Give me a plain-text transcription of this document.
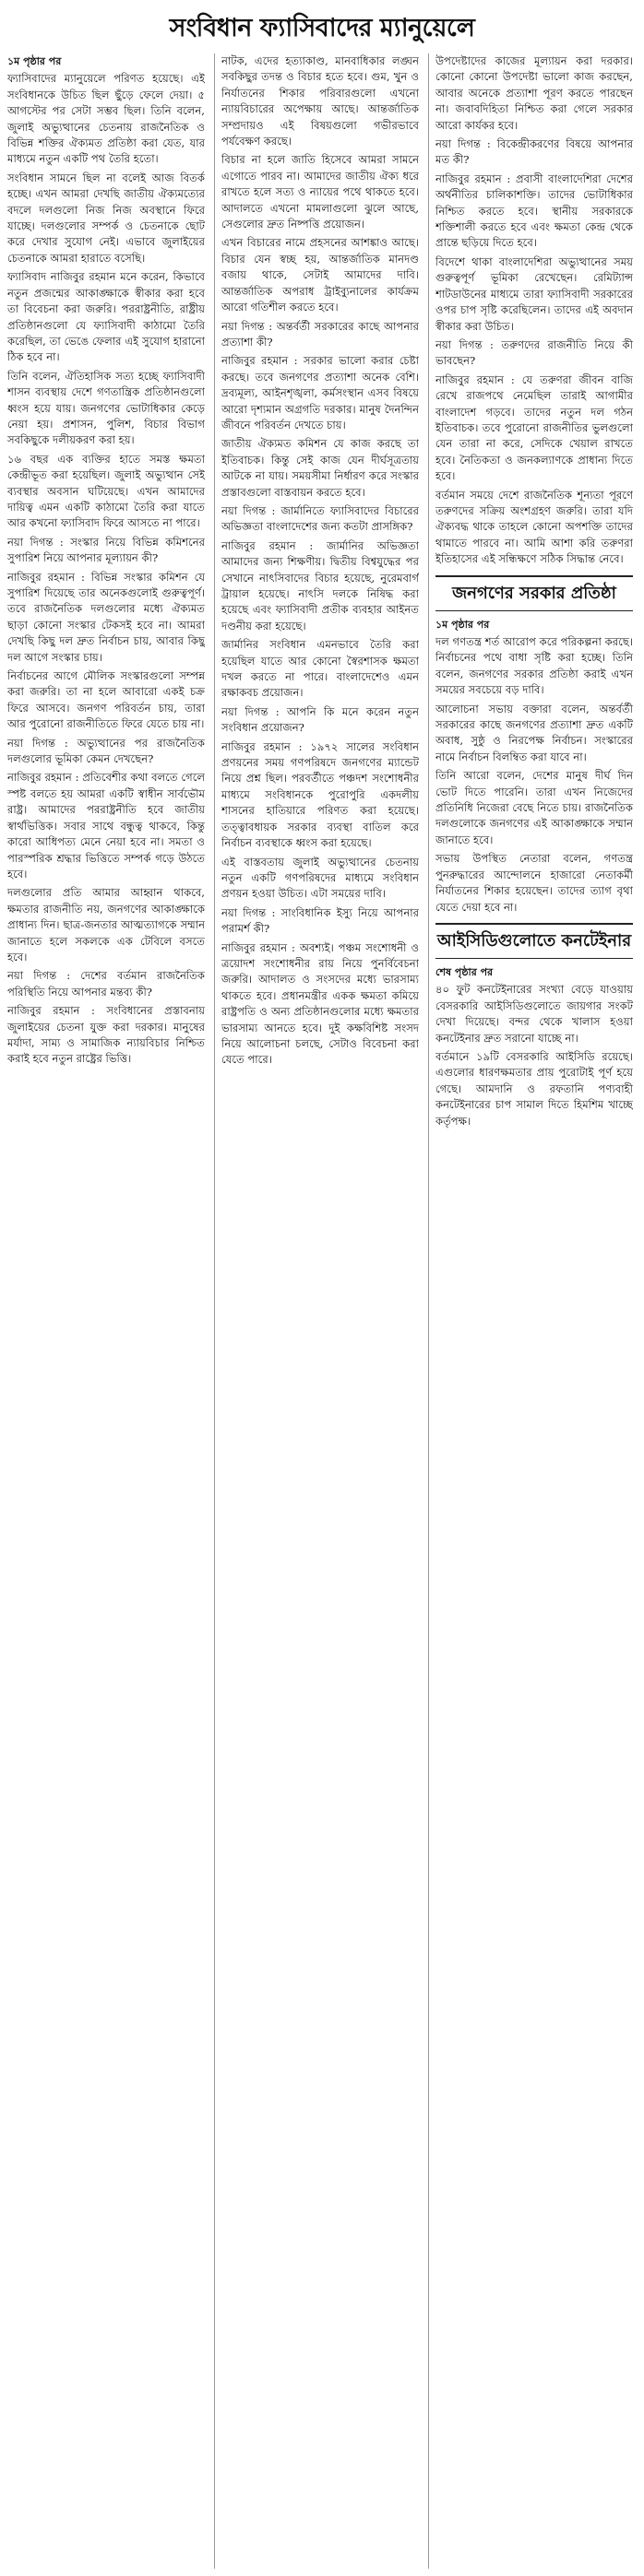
সংবিধান ফ্যাসিবাদের ম্যানুয়েলে
১ম পৃষ্ঠার পর

ফ্যাসিবাদের ম্যানুয়েলে পরিণত হয়েছে। এই সংবিধানকে উচিত ছিল ছুঁড়ে ফেলে দেয়া। ৫ আগস্টের পর সেটা সম্ভব ছিল। তিনি বলেন, জুলাই অভ্যুত্থানের চেতনায় রাজনৈতিক ও বিভিন্ন শক্তির ঐক্যমত প্রতিষ্ঠা করা যেত, যার মাধ্যমে নতুন একটি পথ তৈরি হতো।

সংবিধান সামনে ছিল না বলেই আজ বিতর্ক হচ্ছে। এখন আমরা দেখছি জাতীয় ঐক্যমত্যের বদলে দলগুলো নিজ নিজ অবস্থানে ফিরে যাচ্ছে। দলগুলোর সম্পর্ক ও চেতনাকে ছোট করে দেখার সুযোগ নেই। এভাবে জুলাইয়ের চেতনাকে আমরা হারাতে বসেছি।

ফ্যাসিবাদ নাজিবুর রহমান মনে করেন, কিভাবে নতুন প্রজন্মের আকাঙ্ক্ষাকে স্বীকার করা হবে তা বিবেচনা করা জরুরি। পররাষ্ট্রনীতি, রাষ্ট্রীয় প্রতিষ্ঠানগুলো যে ফ্যাসিবাদী কাঠামো তৈরি করেছিল, তা ভেঙে ফেলার এই সুযোগ হারানো ঠিক হবে না।

তিনি বলেন, ঐতিহাসিক সত্য হচ্ছে ফ্যাসিবাদী শাসন ব্যবস্থায় দেশে গণতান্ত্রিক প্রতিষ্ঠানগুলো ধ্বংস হয়ে যায়। জনগণের ভোটাধিকার কেড়ে নেয়া হয়। প্রশাসন, পুলিশ, বিচার বিভাগ সবকিছুকে দলীয়করণ করা হয়।

১৬ বছর এক ব্যক্তির হাতে সমস্ত ক্ষমতা কেন্দ্রীভূত করা হয়েছিল। জুলাই অভ্যুত্থান সেই ব্যবস্থার অবসান ঘটিয়েছে। এখন আমাদের দায়িত্ব এমন একটি কাঠামো তৈরি করা যাতে আর কখনো ফ্যাসিবাদ ফিরে আসতে না পারে।

নয়া দিগন্ত : সংস্কার নিয়ে বিভিন্ন কমিশনের সুপারিশ নিয়ে আপনার মূল্যায়ন কী?

নাজিবুর রহমান : বিভিন্ন সংস্কার কমিশন যে সুপারিশ দিয়েছে তার অনেকগুলোই গুরুত্বপূর্ণ। তবে রাজনৈতিক দলগুলোর মধ্যে ঐক্যমত ছাড়া কোনো সংস্কার টেকসই হবে না। আমরা দেখছি কিছু দল দ্রুত নির্বাচন চায়, আবার কিছু দল আগে সংস্কার চায়।

নির্বাচনের আগে মৌলিক সংস্কারগুলো সম্পন্ন করা জরুরি। তা না হলে আবারো একই চক্র ফিরে আসবে। জনগণ পরিবর্তন চায়, তারা আর পুরোনো রাজনীতিতে ফিরে যেতে চায় না।

নয়া দিগন্ত : অভ্যুত্থানের পর রাজনৈতিক দলগুলোর ভূমিকা কেমন দেখছেন?

নাজিবুর রহমান : প্রতিবেশীর কথা বলতে গেলে স্পষ্ট বলতে হয় আমরা একটি স্বাধীন সার্বভৌম রাষ্ট্র। আমাদের পররাষ্ট্রনীতি হবে জাতীয় স্বার্থভিত্তিক। সবার সাথে বন্ধুত্ব থাকবে, কিন্তু কারো আধিপত্য মেনে নেয়া হবে না। সমতা ও পারস্পরিক শ্রদ্ধার ভিত্তিতে সম্পর্ক গড়ে উঠতে হবে।

দলগুলোর প্রতি আমার আহ্বান থাকবে, ক্ষমতার রাজনীতি নয়, জনগণের আকাঙ্ক্ষাকে প্রাধান্য দিন। ছাত্র-জনতার আত্মত্যাগকে সম্মান জানাতে হলে সকলকে এক টেবিলে বসতে হবে।

নয়া দিগন্ত : দেশের বর্তমান রাজনৈতিক পরিস্থিতি নিয়ে আপনার মন্তব্য কী?

নাজিবুর রহমান : সংবিধানের প্রস্তাবনায় জুলাইয়ের চেতনা যুক্ত করা দরকার। মানুষের মর্যাদা, সাম্য ও সামাজিক ন্যায়বিচার নিশ্চিত করাই হবে নতুন রাষ্ট্রের ভিত্তি।

নাটক, এদের হত্যাকাণ্ড, মানবাধিকার লঙ্ঘন সবকিছুর তদন্ত ও বিচার হতে হবে। গুম, খুন ও নির্যাতনের শিকার পরিবারগুলো এখনো ন্যায়বিচারের অপেক্ষায় আছে। আন্তর্জাতিক সম্প্রদায়ও এই বিষয়গুলো গভীরভাবে পর্যবেক্ষণ করছে।

বিচার না হলে জাতি হিসেবে আমরা সামনে এগোতে পারব না। আমাদের জাতীয় ঐক্য ধরে রাখতে হলে সত্য ও ন্যায়ের পথে থাকতে হবে। আদালতে এখনো মামলাগুলো ঝুলে আছে, সেগুলোর দ্রুত নিষ্পত্তি প্রয়োজন।

এখন বিচারের নামে প্রহসনের আশঙ্কাও আছে। বিচার যেন স্বচ্ছ হয়, আন্তর্জাতিক মানদণ্ড বজায় থাকে, সেটাই আমাদের দাবি। আন্তর্জাতিক অপরাধ ট্রাইব্যুনালের কার্যক্রম আরো গতিশীল করতে হবে।

নয়া দিগন্ত : অন্তর্বর্তী সরকারের কাছে আপনার প্রত্যাশা কী?

নাজিবুর রহমান : সরকার ভালো করার চেষ্টা করছে। তবে জনগণের প্রত্যাশা অনেক বেশি। দ্রব্যমূল্য, আইনশৃঙ্খলা, কর্মসংস্থান এসব বিষয়ে আরো দৃশ্যমান অগ্রগতি দরকার। মানুষ দৈনন্দিন জীবনে পরিবর্তন দেখতে চায়।

জাতীয় ঐক্যমত কমিশন যে কাজ করছে তা ইতিবাচক। কিন্তু সেই কাজ যেন দীর্ঘসূত্রতায় আটকে না যায়। সময়সীমা নির্ধারণ করে সংস্কার প্রস্তাবগুলো বাস্তবায়ন করতে হবে।

নয়া দিগন্ত : জার্মানিতে ফ্যাসিবাদের বিচারের অভিজ্ঞতা বাংলাদেশের জন্য কতটা প্রাসঙ্গিক?

নাজিবুর রহমান : জার্মানির অভিজ্ঞতা আমাদের জন্য শিক্ষণীয়। দ্বিতীয় বিশ্বযুদ্ধের পর সেখানে নাৎসিবাদের বিচার হয়েছে, নুরেমবার্গ ট্রায়াল হয়েছে। নাৎসি দলকে নিষিদ্ধ করা হয়েছে এবং ফ্যাসিবাদী প্রতীক ব্যবহার আইনত দণ্ডনীয় করা হয়েছে।

জার্মানির সংবিধান এমনভাবে তৈরি করা হয়েছিল যাতে আর কোনো স্বৈরশাসক ক্ষমতা দখল করতে না পারে। বাংলাদেশেও এমন রক্ষাকবচ প্রয়োজন।

নয়া দিগন্ত : আপনি কি মনে করেন নতুন সংবিধান প্রয়োজন?

নাজিবুর রহমান : ১৯৭২ সালের সংবিধান প্রণয়নের সময় গণপরিষদে জনগণের ম্যান্ডেট নিয়ে প্রশ্ন ছিল। পরবর্তীতে পঞ্চদশ সংশোধনীর মাধ্যমে সংবিধানকে পুরোপুরি একদলীয় শাসনের হাতিয়ারে পরিণত করা হয়েছে। তত্ত্বাবধায়ক সরকার ব্যবস্থা বাতিল করে নির্বাচন ব্যবস্থাকে ধ্বংস করা হয়েছে।

এই বাস্তবতায় জুলাই অভ্যুত্থানের চেতনায় নতুন একটি গণপরিষদের মাধ্যমে সংবিধান প্রণয়ন হওয়া উচিত। এটা সময়ের দাবি।

নয়া দিগন্ত : সাংবিধানিক ইস্যু নিয়ে আপনার পরামর্শ কী?

নাজিবুর রহমান : অবশ্যই। পঞ্চম সংশোধনী ও ত্রয়োদশ সংশোধনীর রায় নিয়ে পুনর্বিবেচনা জরুরি। আদালত ও সংসদের মধ্যে ভারসাম্য থাকতে হবে। প্রধানমন্ত্রীর একক ক্ষমতা কমিয়ে রাষ্ট্রপতি ও অন্য প্রতিষ্ঠানগুলোর মধ্যে ক্ষমতার ভারসাম্য আনতে হবে। দুই কক্ষবিশিষ্ট সংসদ নিয়ে আলোচনা চলছে, সেটাও বিবেচনা করা যেতে পারে।

উপদেষ্টাদের কাজের মূল্যায়ন করা দরকার। কোনো কোনো উপদেষ্টা ভালো কাজ করছেন, আবার অনেকে প্রত্যাশা পূরণ করতে পারছেন না। জবাবদিহিতা নিশ্চিত করা গেলে সরকার আরো কার্যকর হবে।

নয়া দিগন্ত : বিকেন্দ্রীকরণের বিষয়ে আপনার মত কী?

নাজিবুর রহমান : প্রবাসী বাংলাদেশিরা দেশের অর্থনীতির চালিকাশক্তি। তাদের ভোটাধিকার নিশ্চিত করতে হবে। স্থানীয় সরকারকে শক্তিশালী করতে হবে এবং ক্ষমতা কেন্দ্র থেকে প্রান্তে ছড়িয়ে দিতে হবে।

বিদেশে থাকা বাংলাদেশিরা অভ্যুত্থানের সময় গুরুত্বপূর্ণ ভূমিকা রেখেছেন। রেমিট্যান্স শাটডাউনের মাধ্যমে তারা ফ্যাসিবাদী সরকারের ওপর চাপ সৃষ্টি করেছিলেন। তাদের এই অবদান স্বীকার করা উচিত।

নয়া দিগন্ত : তরুণদের রাজনীতি নিয়ে কী ভাবছেন?

নাজিবুর রহমান : যে তরুণরা জীবন বাজি রেখে রাজপথে নেমেছিল তারাই আগামীর বাংলাদেশ গড়বে। তাদের নতুন দল গঠন ইতিবাচক। তবে পুরোনো রাজনীতির ভুলগুলো যেন তারা না করে, সেদিকে খেয়াল রাখতে হবে। নৈতিকতা ও জনকল্যাণকে প্রাধান্য দিতে হবে।

বর্তমান সময়ে দেশে রাজনৈতিক শূন্যতা পূরণে তরুণদের সক্রিয় অংশগ্রহণ জরুরি। তারা যদি ঐক্যবদ্ধ থাকে তাহলে কোনো অপশক্তি তাদের থামাতে পারবে না। আমি আশা করি তরুণরা ইতিহাসের এই সন্ধিক্ষণে সঠিক সিদ্ধান্ত নেবে।

জনগণের সরকার প্রতিষ্ঠা
১ম পৃষ্ঠার পর

দল গণতন্ত্র শর্ত আরোপ করে পরিকল্পনা করছে। নির্বাচনের পথে বাধা সৃষ্টি করা হচ্ছে। তিনি বলেন, জনগণের সরকার প্রতিষ্ঠা করাই এখন সময়ের সবচেয়ে বড় দাবি।

আলোচনা সভায় বক্তারা বলেন, অন্তর্বর্তী সরকারের কাছে জনগণের প্রত্যাশা দ্রুত একটি অবাধ, সুষ্ঠু ও নিরপেক্ষ নির্বাচন। সংস্কারের নামে নির্বাচন বিলম্বিত করা যাবে না।

তিনি আরো বলেন, দেশের মানুষ দীর্ঘ দিন ভোট দিতে পারেনি। তারা এখন নিজেদের প্রতিনিধি নিজেরা বেছে নিতে চায়। রাজনৈতিক দলগুলোকে জনগণের এই আকাঙ্ক্ষাকে সম্মান জানাতে হবে।

সভায় উপস্থিত নেতারা বলেন, গণতন্ত্র পুনরুদ্ধারের আন্দোলনে হাজারো নেতাকর্মী নির্যাতনের শিকার হয়েছেন। তাদের ত্যাগ বৃথা যেতে দেয়া হবে না।

আইসিডিগুলোতে কনটেইনার
শেষ পৃষ্ঠার পর

৪০ ফুট কনটেইনারের সংখ্যা বেড়ে যাওয়ায় বেসরকারি আইসিডিগুলোতে জায়গার সংকট দেখা দিয়েছে। বন্দর থেকে খালাস হওয়া কনটেইনার দ্রুত সরানো যাচ্ছে না।

বর্তমানে ১৯টি বেসরকারি আইসিডি রয়েছে। এগুলোর ধারণক্ষমতার প্রায় পুরোটাই পূর্ণ হয়ে গেছে। আমদানি ও রফতানি পণ্যবাহী কনটেইনারের চাপ সামাল দিতে হিমশিম খাচ্ছে কর্তৃপক্ষ।
